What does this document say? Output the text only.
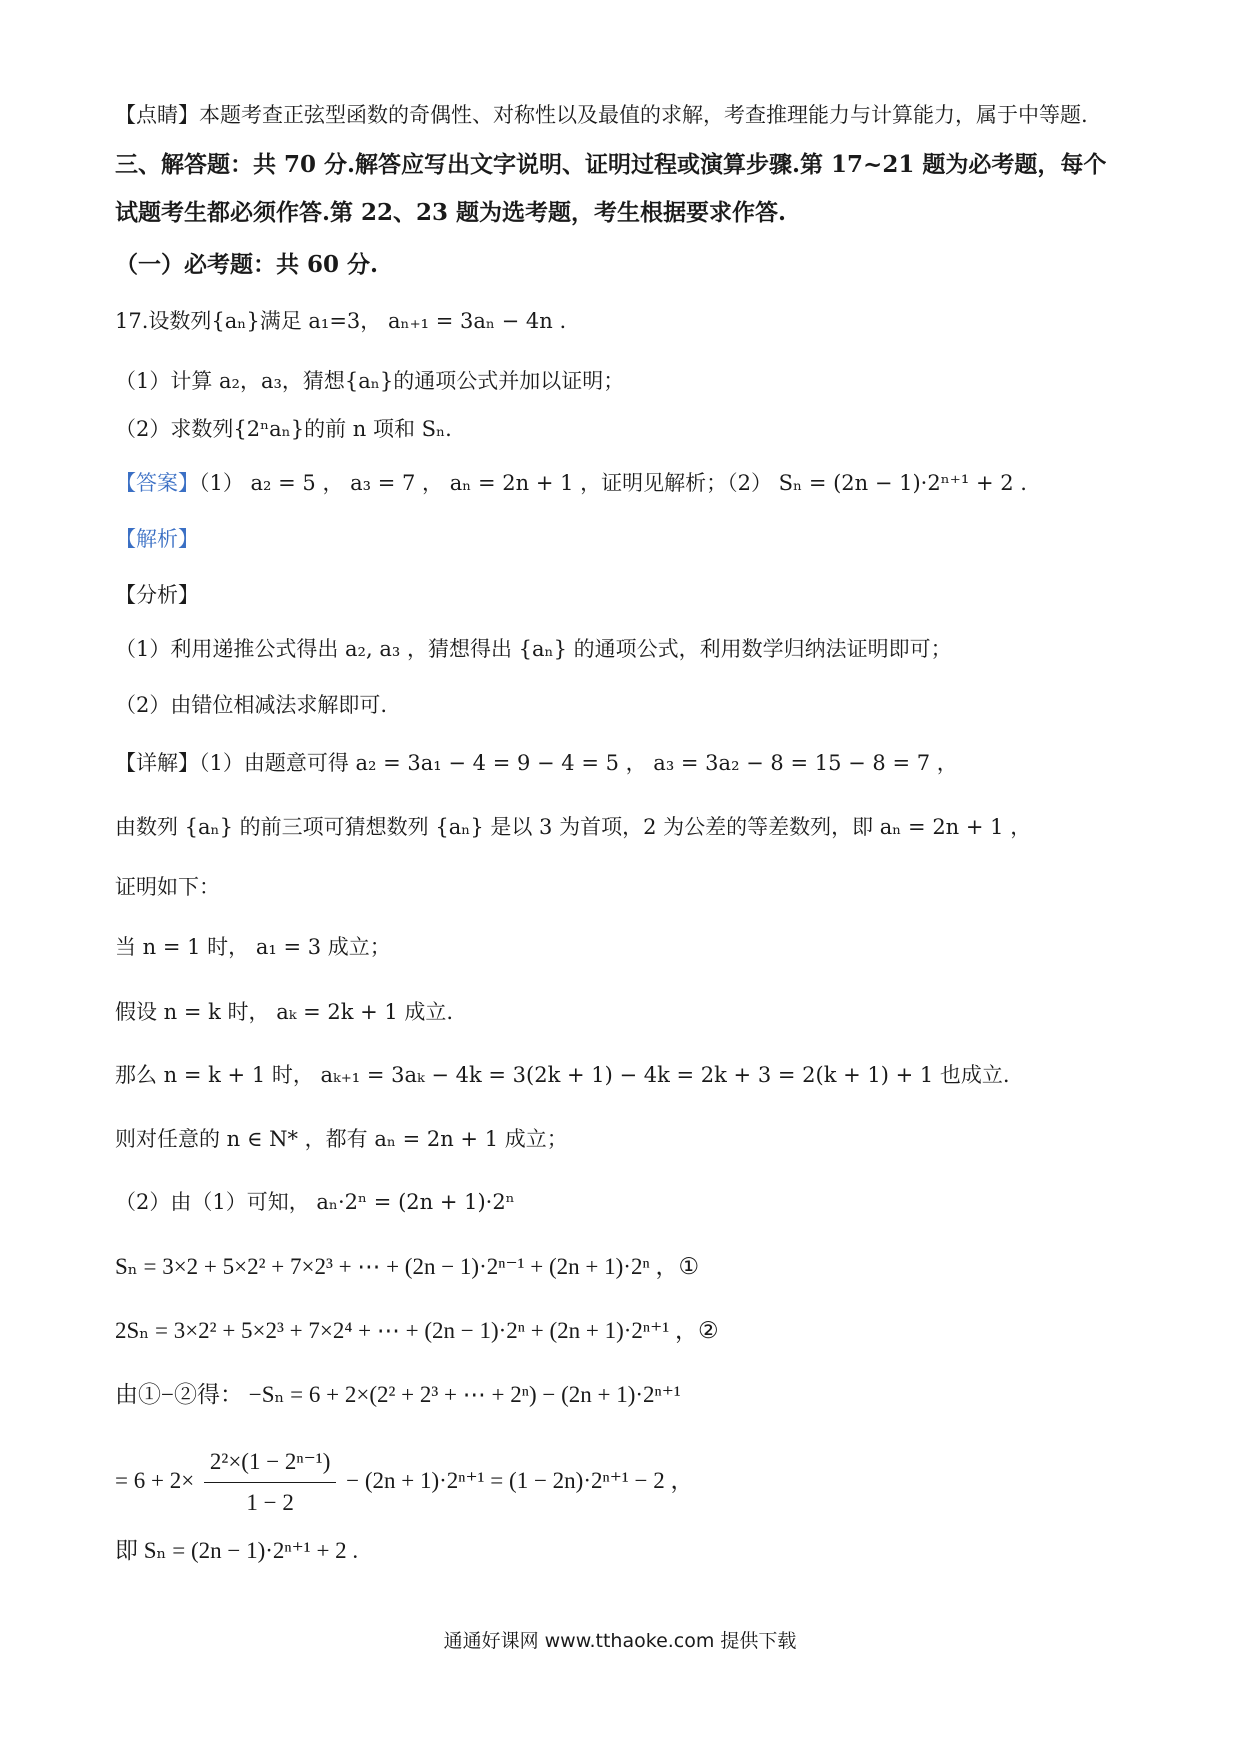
【点睛】本题考查正弦型函数的奇偶性、对称性以及最值的求解，考查推理能力与计算能力，属于中等题.
三、解答题：共 70 分.解答应写出文字说明、证明过程或演算步骤.第 17~21 题为必考题，每个
试题考生都必须作答.第 22、23 题为选考题，考生根据要求作答.
（一）必考题：共 60 分.
17.设数列{aₙ}满足 a₁=3， aₙ₊₁ = 3aₙ − 4n .
（1）计算 a₂，a₃，猜想{aₙ}的通项公式并加以证明；
（2）求数列{2ⁿaₙ}的前 n 项和 Sₙ.
【答案】（1） a₂ = 5 ， a₃ = 7 ， aₙ = 2n + 1 ，证明见解析；（2） Sₙ = (2n − 1)·2ⁿ⁺¹ + 2 .
【解析】
【分析】
（1）利用递推公式得出 a₂, a₃ ，猜想得出 {aₙ} 的通项公式，利用数学归纳法证明即可；
（2）由错位相减法求解即可.
【详解】（1）由题意可得 a₂ = 3a₁ − 4 = 9 − 4 = 5 ， a₃ = 3a₂ − 8 = 15 − 8 = 7 ，
由数列 {aₙ} 的前三项可猜想数列 {aₙ} 是以 3 为首项，2 为公差的等差数列，即 aₙ = 2n + 1 ，
证明如下：
当 n = 1 时， a₁ = 3 成立；
假设 n = k 时， aₖ = 2k + 1 成立.
那么 n = k + 1 时， aₖ₊₁ = 3aₖ − 4k = 3(2k + 1) − 4k = 2k + 3 = 2(k + 1) + 1 也成立.
则对任意的 n ∈ N* ，都有 aₙ = 2n + 1 成立；
（2）由（1）可知， aₙ·2ⁿ = (2n + 1)·2ⁿ
Sₙ = 3×2 + 5×2² + 7×2³ + ⋯ + (2n − 1)·2ⁿ⁻¹ + (2n + 1)·2ⁿ ，①
2Sₙ = 3×2² + 5×2³ + 7×2⁴ + ⋯ + (2n − 1)·2ⁿ + (2n + 1)·2ⁿ⁺¹ ，②
由①−②得： −Sₙ = 6 + 2×(2² + 2³ + ⋯ + 2ⁿ) − (2n + 1)·2ⁿ⁺¹
= $6 + 2\times \frac{\text{2²×(1 − 2ⁿ⁻¹)}}{1 - 2} - (2n + 1)\cdot 2^{n+1} = (1 - 2n)\cdot 2^{n+1} - 2$ ，
即 Sₙ = (2n − 1)·2ⁿ⁺¹ + 2 .
通通好课网 www.tthaoke.com 提供下载
